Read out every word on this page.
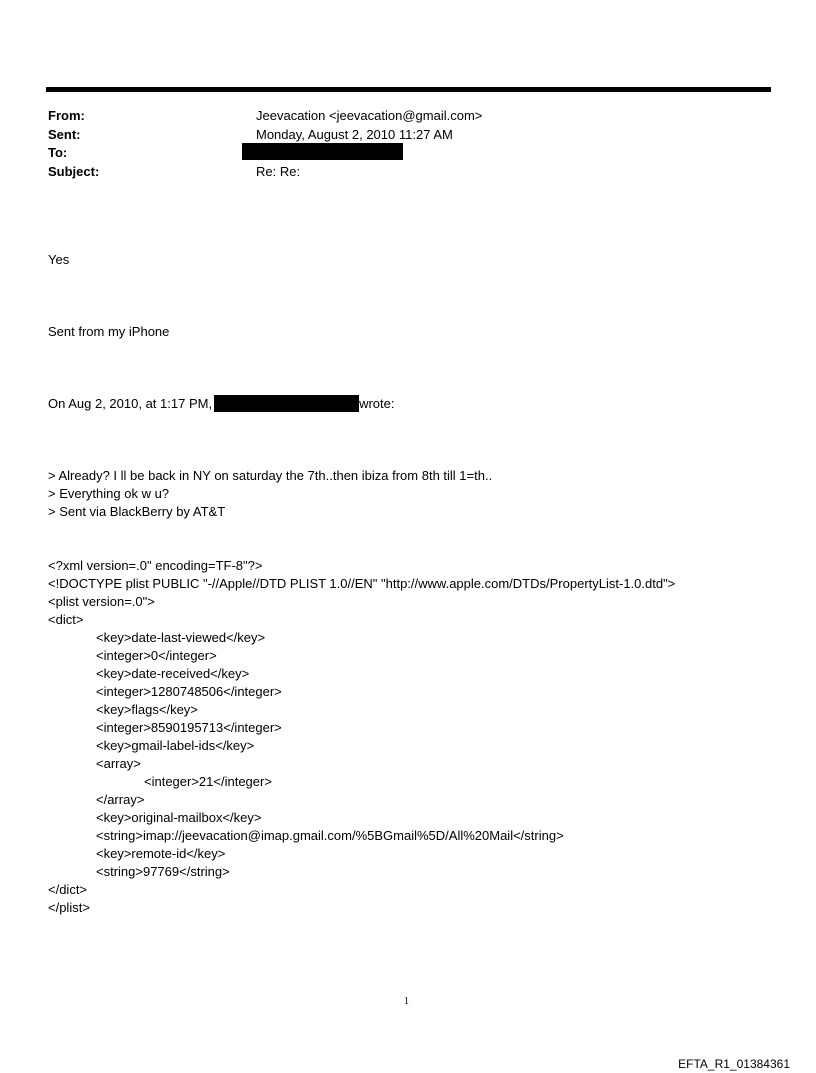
From:	Jeevacation <jeevacation@gmail.com>
Sent:	Monday, August 2, 2010 11:27 AM
To:
Subject:	Re: Re:

Yes

Sent from my iPhone

On Aug 2, 2010, at 1:17 PM,	wrote:

> Already? I ll be back in NY on saturday the 7th..then ibiza from 8th till 1=th..
> Everything ok w u?
> Sent via BlackBerry by AT&T

<?xml version=.0" encoding=TF-8"?>
<!DOCTYPE plist PUBLIC "-//Apple//DTD PLIST 1.0//EN" "http://www.apple.com/DTDs/PropertyList-1.0.dtd">
<plist version=.0">
<dict>
<key>date-last-viewed</key>
<integer>0</integer>
<key>date-received</key>
<integer>1280748506</integer>
<key>flags</key>
<integer>8590195713</integer>
<key>gmail-label-ids</key>
<array>
<integer>21</integer>
</array>
<key>original-mailbox</key>
<string>imap://jeevacation@imap.gmail.com/%5BGmail%5D/All%20Mail</string>
<key>remote-id</key>
<string>97769</string>
</dict>
</plist>

1
EFTA_R1_01384361
